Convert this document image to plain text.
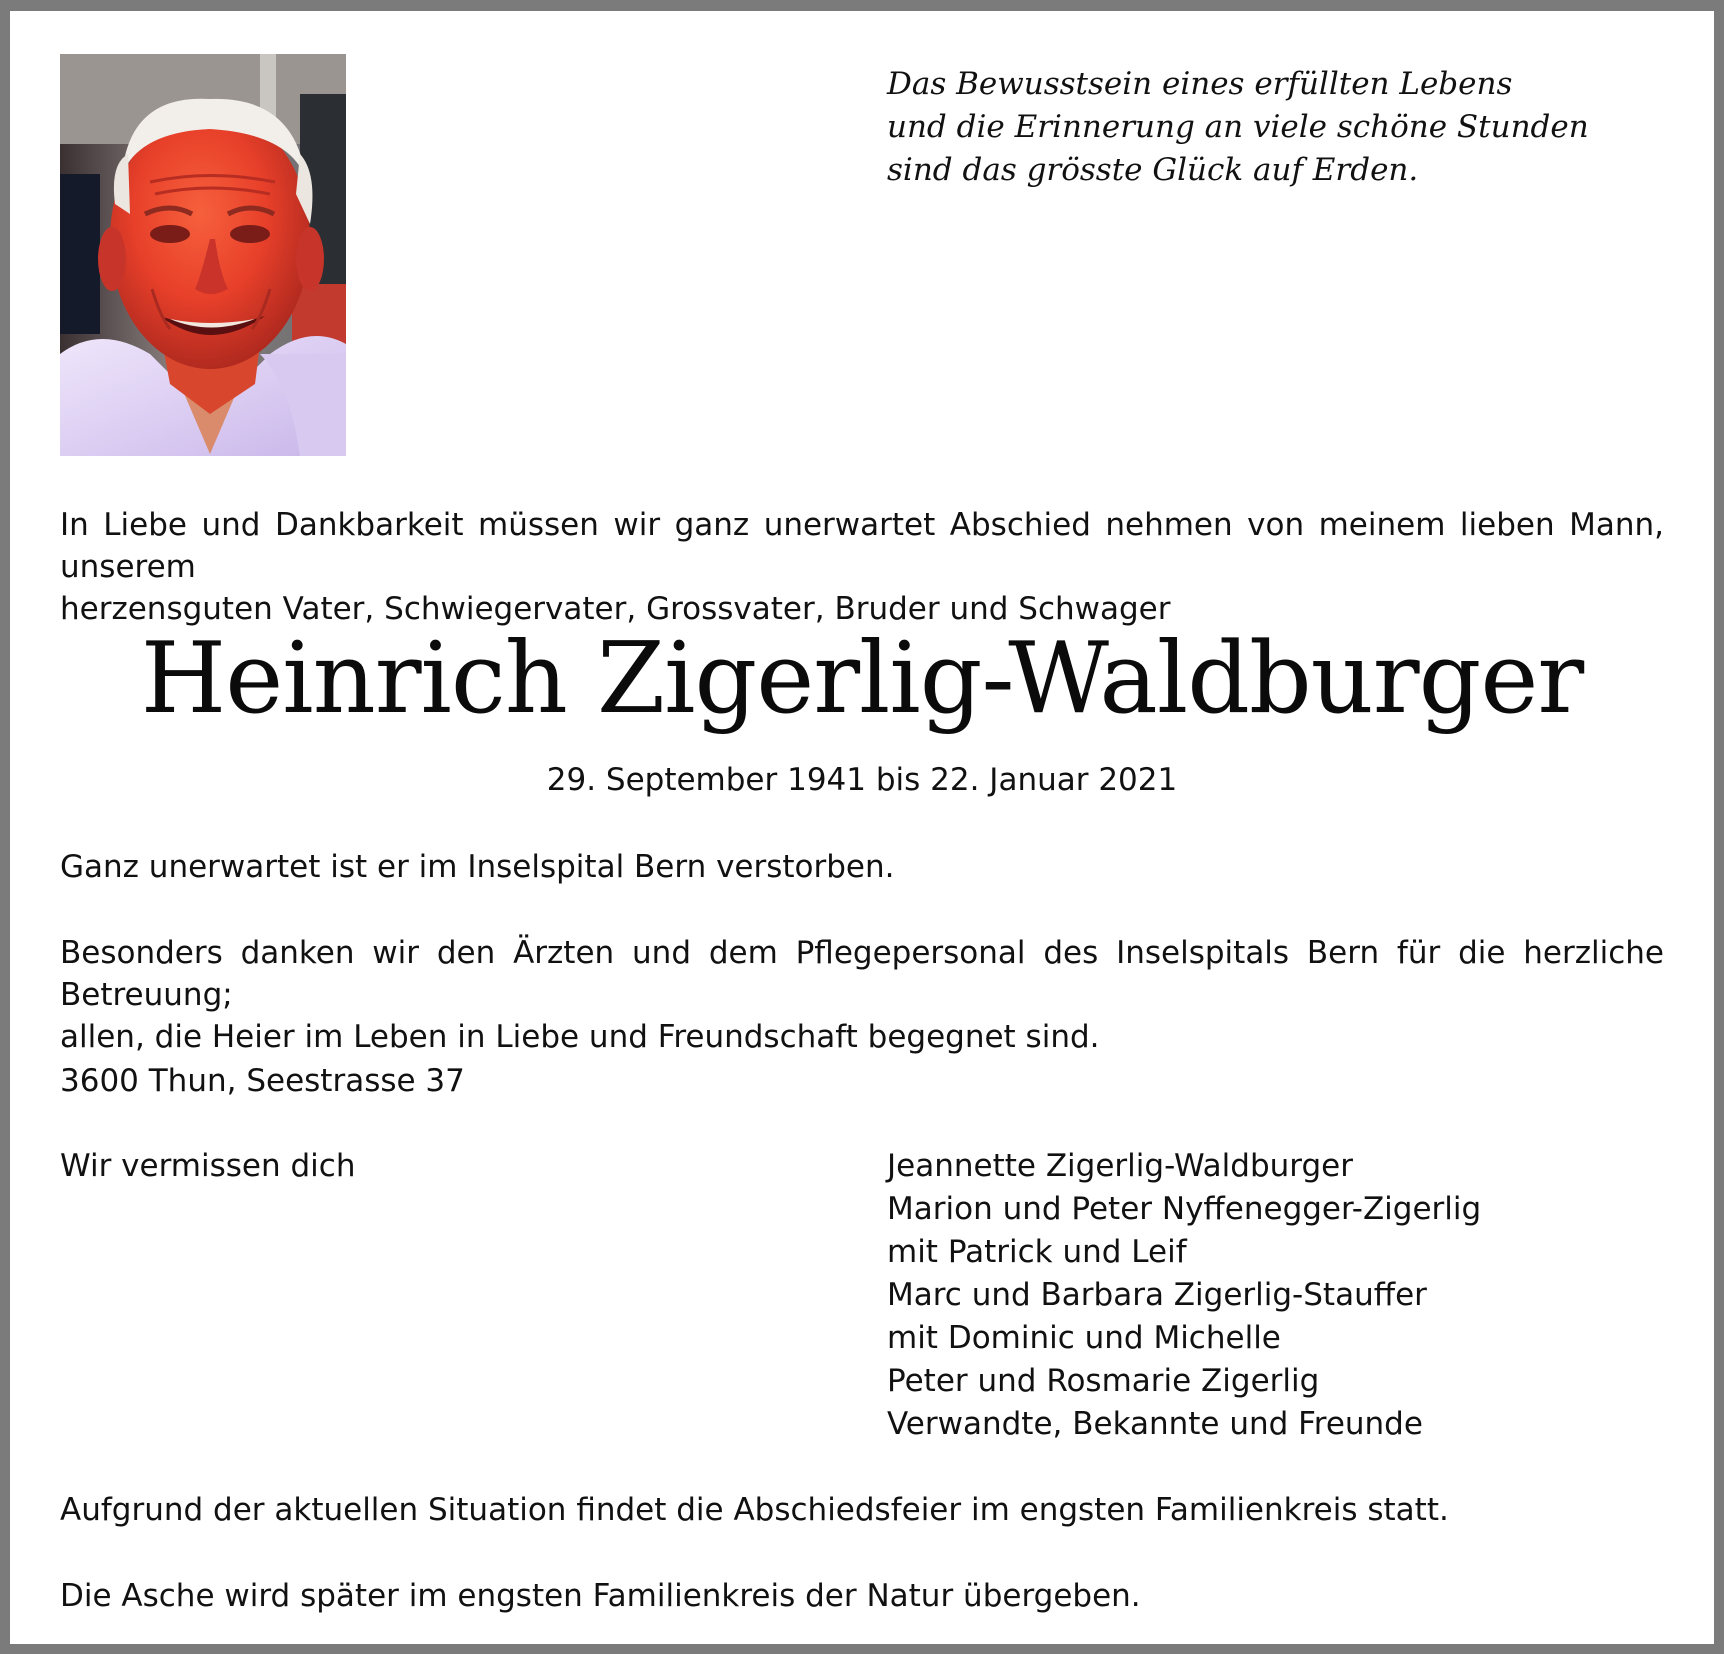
Das Bewusstsein eines erfüllten Lebens
und die Erinnerung an viele schöne Stunden
sind das grösste Glück auf Erden.
In Liebe und Dankbarkeit müssen wir ganz unerwartet Abschied nehmen von meinem lieben Mann, unserem
herzensguten Vater, Schwiegervater, Grossvater, Bruder und Schwager
Heinrich Zigerlig-Waldburger
29. September 1941 bis 22. Januar 2021
Ganz unerwartet ist er im Inselspital Bern verstorben.
Besonders danken wir den Ärzten und dem Pflegepersonal des Inselspitals Bern für die herzliche Betreuung;
allen, die Heier im Leben in Liebe und Freundschaft begegnet sind.
3600 Thun, Seestrasse 37
Wir vermissen dich	Jeannette Zigerlig-Waldburger
Marion und Peter Nyffenegger-Zigerlig
mit Patrick und Leif
Marc und Barbara Zigerlig-Stauffer
mit Dominic und Michelle
Peter und Rosmarie Zigerlig
Verwandte, Bekannte und Freunde
Aufgrund der aktuellen Situation findet die Abschiedsfeier im engsten Familienkreis statt.
Die Asche wird später im engsten Familienkreis der Natur übergeben.
